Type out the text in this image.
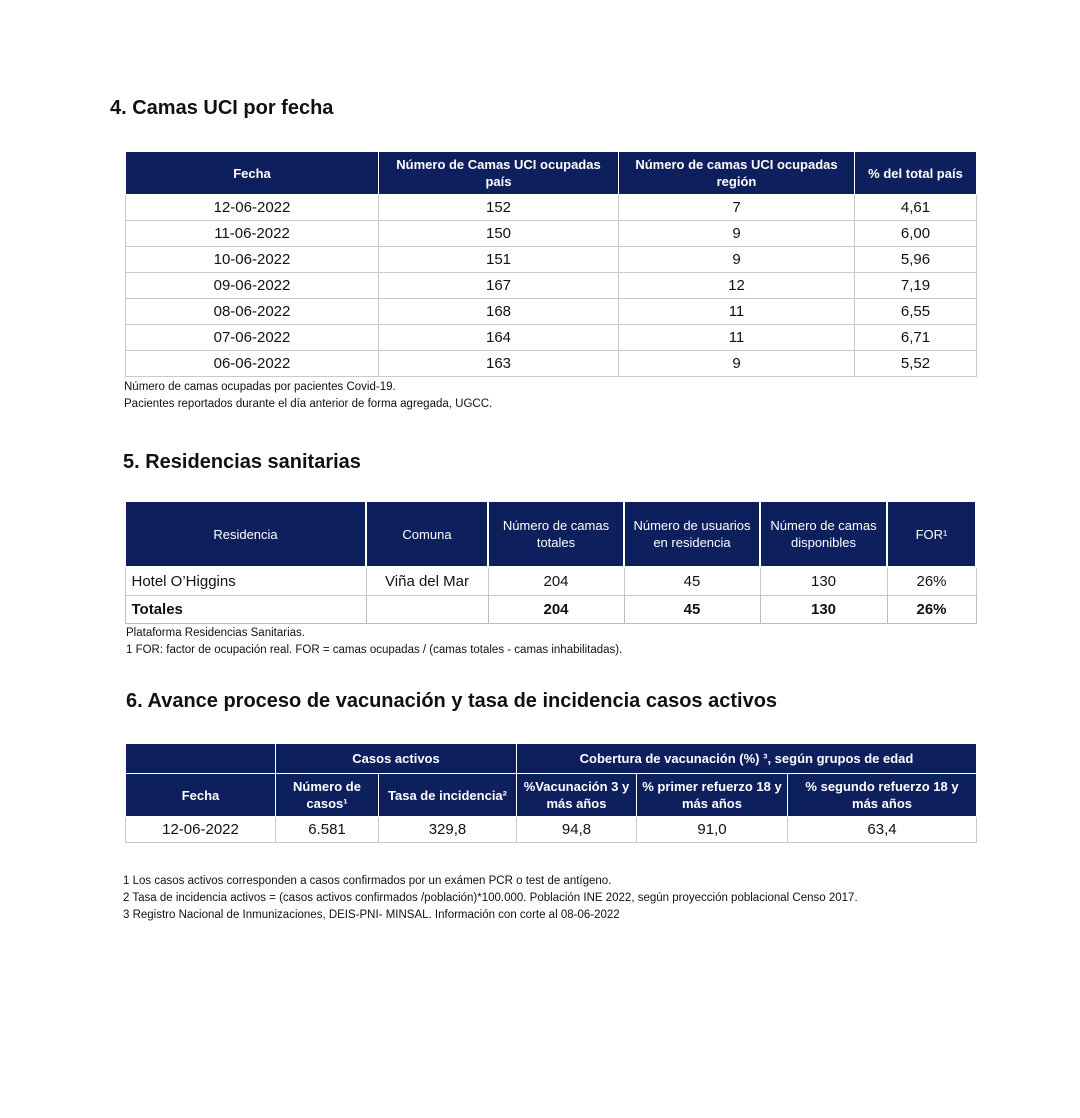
4. Camas UCI por fecha
Fecha	Número de Camas UCI ocupadas país	Número de camas UCI ocupadas región	% del total país
12-06-2022	152	7	4,61
11-06-2022	150	9	6,00
10-06-2022	151	9	5,96
09-06-2022	167	12	7,19
08-06-2022	168	11	6,55
07-06-2022	164	11	6,71
06-06-2022	163	9	5,52
Número de camas ocupadas por pacientes Covid-19.
Pacientes reportados durante el día anterior de forma agregada, UGCC.
5. Residencias sanitarias
Residencia	Comuna	Número de camas totales	Número de usuarios en residencia	Número de camas disponibles	FOR¹
Hotel O’Higgins	Viña del Mar	204	45	130	26%
Totales		204	45	130	26%
Plataforma Residencias Sanitarias.
1 FOR: factor de ocupación real. FOR = camas ocupadas / (camas totales - camas inhabilitadas).
6. Avance proceso de vacunación y tasa de incidencia casos activos
	Casos activos		Cobertura de vacunación (%) ³, según grupos de edad		
Fecha	Número de casos¹	Tasa de incidencia²	%Vacunación 3 y más años	% primer refuerzo 18 y más años	% segundo refuerzo 18 y más años
12-06-2022	6.581	329,8	94,8	91,0	63,4
1 Los casos activos corresponden a casos confirmados por un exámen PCR o test de antígeno.
2 Tasa de incidencia activos = (casos activos confirmados /población)*100.000. Población INE 2022, según proyección poblacional Censo 2017.
3 Registro Nacional de Inmunizaciones, DEIS-PNI- MINSAL. Información con corte al 08-06-2022
